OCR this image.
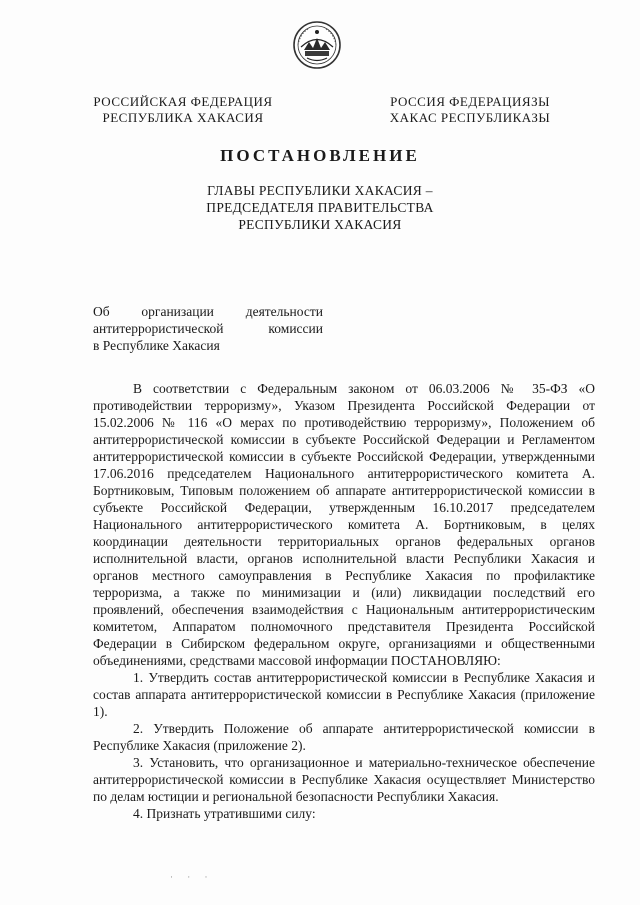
РОССИЙСКАЯ ФЕДЕРАЦИЯ
РЕСПУБЛИКА ХАКАСИЯ
РОССИЯ ФЕДЕРАЦИЯЗЫ
ХАКАС РЕСПУБЛИКАЗЫ
ПОСТАНОВЛЕНИЕ
ГЛАВЫ РЕСПУБЛИКИ ХАКАСИЯ –
ПРЕДСЕДАТЕЛЯ ПРАВИТЕЛЬСТВА
РЕСПУБЛИКИ ХАКАСИЯ
Об организации деятельности
антитеррористической комиссии
в Республике Хакасия

В соответствии с Федеральным законом от 06.03.2006 № 35-ФЗ «О противодействии терроризму», Указом Президента Российской Федерации от 15.02.2006 № 116 «О мерах по противодействию терроризму», Положением об антитеррористической комиссии в субъекте Российской Федерации и Регламентом антитеррористической комиссии в субъекте Российской Федерации, утвержденными 17.06.2016 председателем Национального антитеррористического комитета А. Бортниковым, Типовым положением об аппарате антитеррористической комиссии в субъекте Российской Федерации, утвержденным 16.10.2017 председателем Национального антитеррористического комитета А. Бортниковым, в целях координации деятельности территориальных органов федеральных органов исполнительной власти, органов исполнительной власти Республики Хакасия и органов местного самоуправления в Республике Хакасия по профилактике терроризма, а также по минимизации и (или) ликвидации последствий его проявлений, обеспечения взаимодействия с Национальным антитеррористическим комитетом, Аппаратом полномочного представителя Президента Российской Федерации в Сибирском федеральном округе, организациями и общественными объединениями, средствами массовой информации ПОСТАНОВЛЯЮ:

1. Утвердить состав антитеррористической комиссии в Республике Хакасия и состав аппарата антитеррористической комиссии в Республике Хакасия (приложение 1).

2. Утвердить Положение об аппарате антитеррористической комиссии в Республике Хакасия (приложение 2).

3. Установить, что организационное и материально-техническое обеспечение антитеррористической комиссии в Республике Хакасия осуществляет Министерство по делам юстиции и региональной безопасности Республики Хакасия.

4. Признать утратившими силу:

· · ·
